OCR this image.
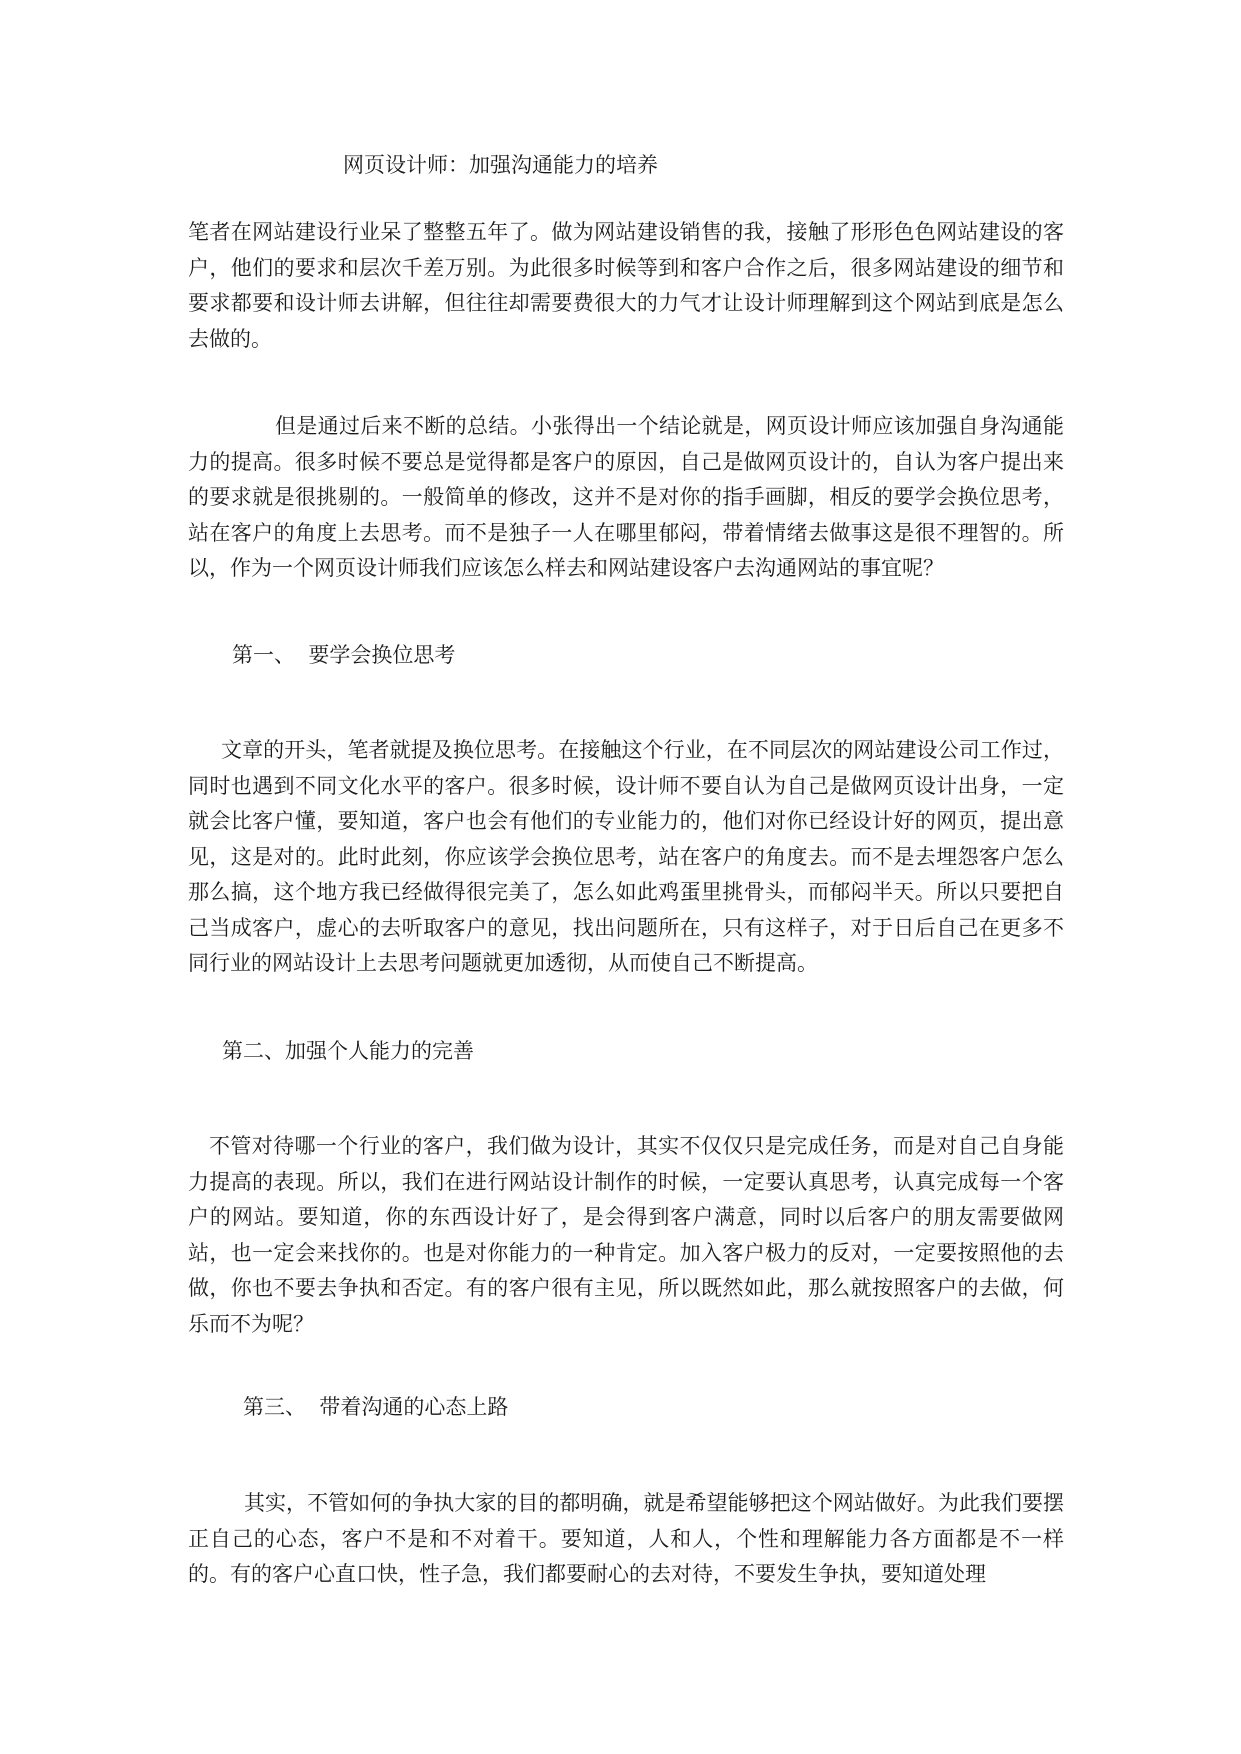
网页设计师：加强沟通能力的培养

笔者在网站建设行业呆了整整五年了。做为网站建设销售的我，接触了形形色色网站建设的客户，他们的要求和层次千差万别。为此很多时候等到和客户合作之后，很多网站建设的细节和要求都要和设计师去讲解，但往往却需要费很大的力气才让设计师理解到这个网站到底是怎么去做的。

但是通过后来不断的总结。小张得出一个结论就是，网页设计师应该加强自身沟通能力的提高。很多时候不要总是觉得都是客户的原因，自己是做网页设计的，自认为客户提出来的要求就是很挑剔的。一般简单的修改，这并不是对你的指手画脚，相反的要学会换位思考，站在客户的角度上去思考。而不是独子一人在哪里郁闷，带着情绪去做事这是很不理智的。所以，作为一个网页设计师我们应该怎么样去和网站建设客户去沟通网站的事宜呢？

第一、  要学会换位思考

文章的开头，笔者就提及换位思考。在接触这个行业，在不同层次的网站建设公司工作过，同时也遇到不同文化水平的客户。很多时候，设计师不要自认为自己是做网页设计出身，一定就会比客户懂，要知道，客户也会有他们的专业能力的，他们对你已经设计好的网页，提出意见，这是对的。此时此刻，你应该学会换位思考，站在客户的角度去。而不是去埋怨客户怎么那么搞，这个地方我已经做得很完美了，怎么如此鸡蛋里挑骨头，而郁闷半天。所以只要把自己当成客户，虚心的去听取客户的意见，找出问题所在，只有这样子，对于日后自己在更多不同行业的网站设计上去思考问题就更加透彻，从而使自己不断提高。

第二、加强个人能力的完善

不管对待哪一个行业的客户，我们做为设计，其实不仅仅只是完成任务，而是对自己自身能力提高的表现。所以，我们在进行网站设计制作的时候，一定要认真思考，认真完成每一个客户的网站。要知道，你的东西设计好了，是会得到客户满意，同时以后客户的朋友需要做网站，也一定会来找你的。也是对你能力的一种肯定。加入客户极力的反对，一定要按照他的去做，你也不要去争执和否定。有的客户很有主见，所以既然如此，那么就按照客户的去做，何乐而不为呢？

第三、  带着沟通的心态上路

其实，不管如何的争执大家的目的都明确，就是希望能够把这个网站做好。为此我们要摆正自己的心态，客户不是和不对着干。要知道，人和人，个性和理解能力各方面都是不一样的。有的客户心直口快，性子急，我们都要耐心的去对待，不要发生争执，要知道处理
